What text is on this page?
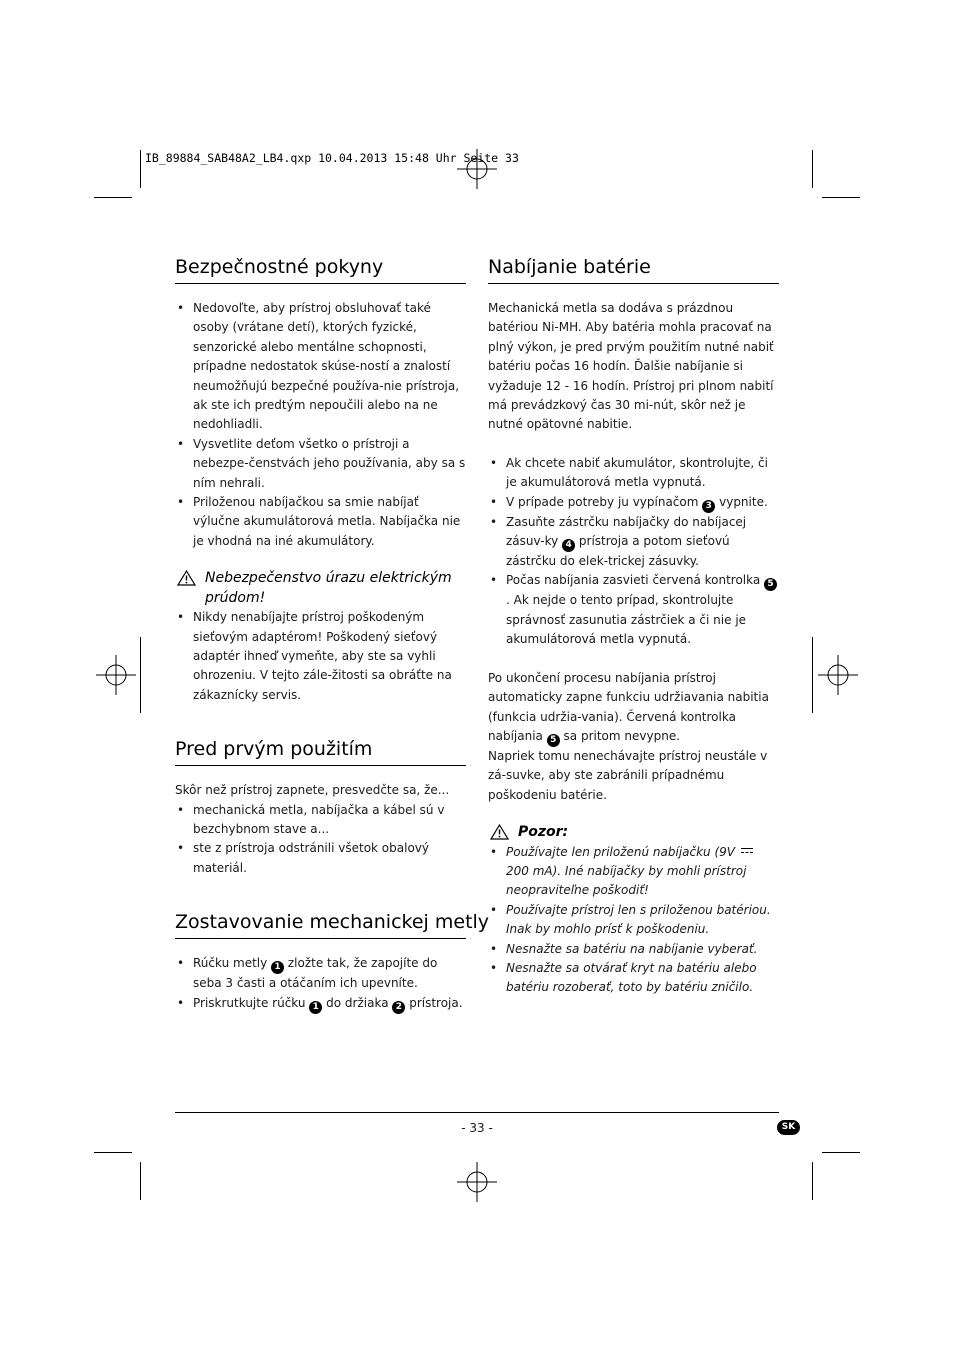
IB_89884_SAB48A2_LB4.qxp 10.04.2013 15:48 Uhr Seite 33
Bezpečnostné pokyny
• Nedovoľte, aby prístroj obsluhovať také osoby (vrátane detí), ktorých fyzické, senzorické alebo mentálne schopnosti, prípadne nedostatok skúse-ností a znalostí neumožňujú bezpečné používa-nie prístroja, ak ste ich predtým nepoučili alebo na ne nedohliadli.
• Vysvetlite deťom všetko o prístroji a nebezpe-čenstvách jeho používania, aby sa s ním nehrali.
• Priloženou nabíjačkou sa smie nabíjať výlučne akumulátorová metla. Nabíjačka nie je vhodná na iné akumulátory.
Nebezpečenstvo úrazu elektrickým prúdom!
• Nikdy nenabíjajte prístroj poškodeným sieťovým adaptérom! Poškodený sieťový adaptér ihneď vymeňte, aby ste sa vyhli ohrozeniu. V tejto zále-žitosti sa obráťte na zákaznícky servis.
Pred prvým použitím

Skôr než prístroj zapnete, presvedčte sa, že...

• mechanická metla, nabíjačka a kábel sú v bezchybnom stave a...
• ste z prístroja odstránili všetok obalový materiál.
Zostavovanie mechanickej metly
• Rúčku metly 1 zložte tak, že zapojíte do seba 3 časti a otáčaním ich upevníte.
• Priskrutkujte rúčku 1 do držiaka 2 prístroja.
Nabíjanie batérie

Mechanická metla sa dodáva s prázdnou batériou Ni-MH. Aby batéria mohla pracovať na plný výkon, je pred prvým použitím nutné nabiť batériu počas 16 hodín. Ďalšie nabíjanie si vyžaduje 12 - 16 hodín. Prístroj pri plnom nabití má prevádzkový čas 30 mi-nút, skôr než je nutné opätovné nabitie.

• Ak chcete nabiť akumulátor, skontrolujte, či je akumulátorová metla vypnutá.
• V prípade potreby ju vypínačom 3 vypnite.
• Zasuňte zástrčku nabíjačky do nabíjacej zásuv-ky 4 prístroja a potom sieťovú zástrčku do elek-trickej zásuvky.
• Počas nabíjania zasvieti červená kontrolka 5. Ak nejde o tento prípad, skontrolujte správnosť zasunutia zástrčiek a či nie je akumulátorová metla vypnutá.

Po ukončení procesu nabíjania prístroj automaticky zapne funkciu udržiavania nabitia (funkcia udržia-vania). Červená kontrolka nabíjania 5 sa pritom nevypne.

Napriek tomu nenechávajte prístroj neustále v zá-suvke, aby ste zabránili prípadnému poškodeniu batérie.

Pozor:
• Používajte len priloženú nabíjačku (9V200 mA). Iné nabíjačky by mohli prístroj neopraviteľne poškodiť!
• Používajte prístroj len s priloženou batériou. Inak by mohlo prísť k poškodeniu.
• Nesnažte sa batériu na nabíjanie vyberať.
• Nesnažte sa otvárať kryt na batériu alebo batériu rozoberať, toto by batériu zničilo.
- 33 -	SK
